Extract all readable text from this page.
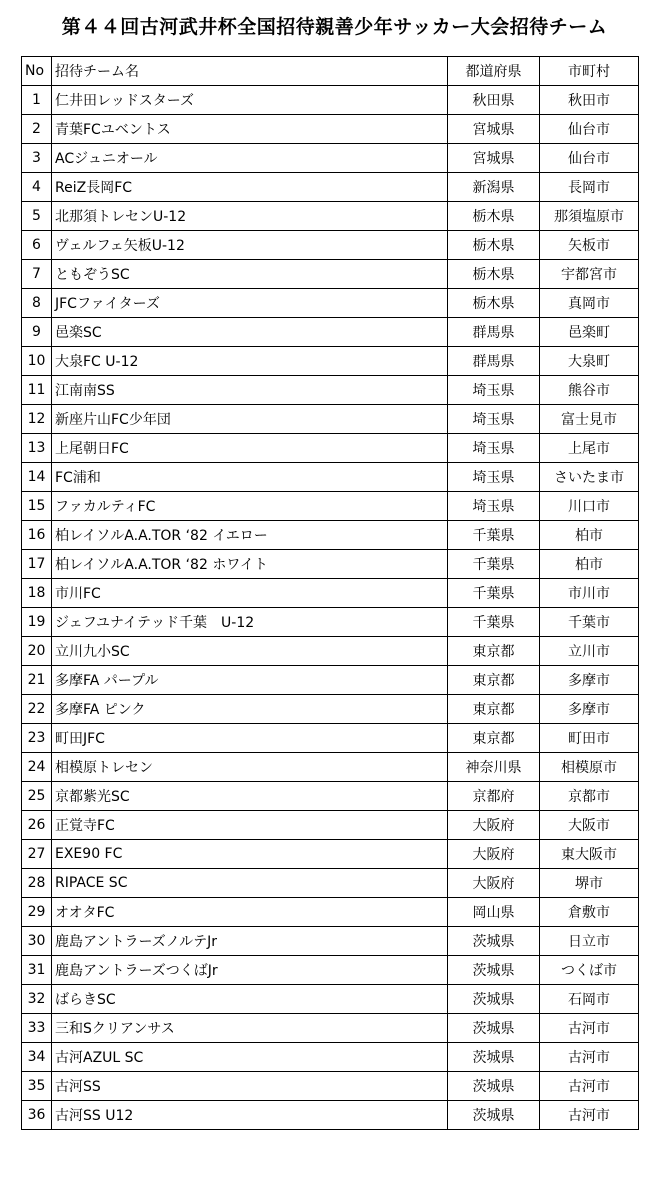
第４４回古河武井杯全国招待親善少年サッカー大会招待チーム
No	招待チーム名	都道府県	市町村
1	仁井田レッドスターズ	秋田県	秋田市
2	青葉FCユベントス	宮城県	仙台市
3	ACジュニオール	宮城県	仙台市
4	ReiZ長岡FC	新潟県	長岡市
5	北那須トレセンU-12	栃木県	那須塩原市
6	ヴェルフェ矢板U-12	栃木県	矢板市
7	ともぞうSC	栃木県	宇都宮市
8	JFCファイターズ	栃木県	真岡市
9	邑楽SC	群馬県	邑楽町
10	大泉FC U-12	群馬県	大泉町
11	江南南SS	埼玉県	熊谷市
12	新座片山FC少年団	埼玉県	富士見市
13	上尾朝日FC	埼玉県	上尾市
14	FC浦和	埼玉県	さいたま市
15	ファカルティFC	埼玉県	川口市
16	柏レイソルA.A.TOR ‘82 イエロー	千葉県	柏市
17	柏レイソルA.A.TOR ‘82 ホワイト	千葉県	柏市
18	市川FC	千葉県	市川市
19	ジェフユナイテッド千葉　U-12	千葉県	千葉市
20	立川九小SC	東京都	立川市
21	多摩FA パープル	東京都	多摩市
22	多摩FA ピンク	東京都	多摩市
23	町田JFC	東京都	町田市
24	相模原トレセン	神奈川県	相模原市
25	京都紫光SC	京都府	京都市
26	正覚寺FC	大阪府	大阪市
27	EXE90 FC	大阪府	東大阪市
28	RIPACE SC	大阪府	堺市
29	オオタFC	岡山県	倉敷市
30	鹿島アントラーズノルテJr	茨城県	日立市
31	鹿島アントラーズつくばJr	茨城県	つくば市
32	ばらきSC	茨城県	石岡市
33	三和Sクリアンサス	茨城県	古河市
34	古河AZUL SC	茨城県	古河市
35	古河SS	茨城県	古河市
36	古河SS U12	茨城県	古河市
